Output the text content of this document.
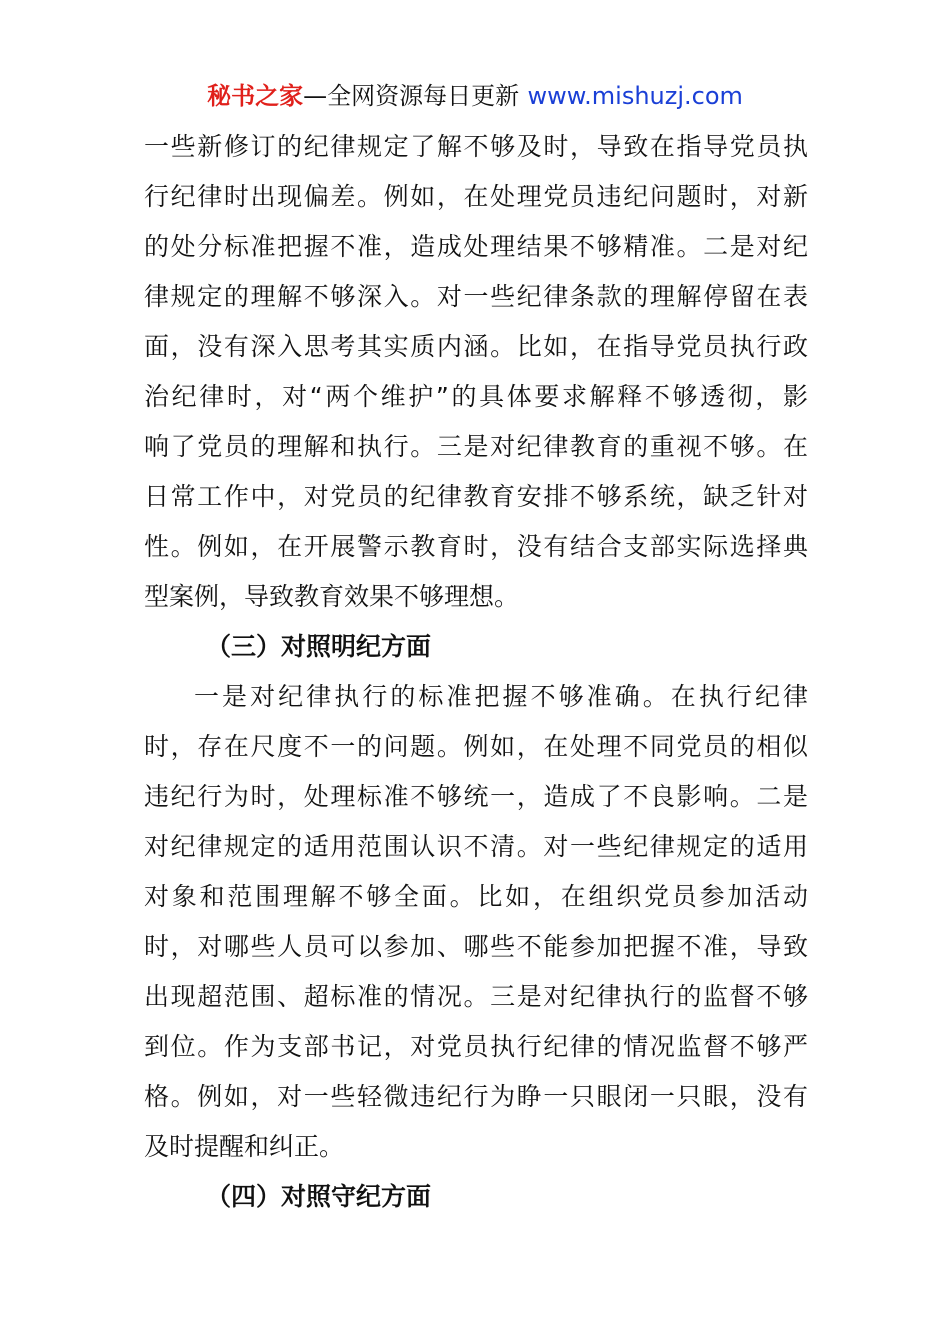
秘书之家—全网资源每日更新 www.mishuzj.com
一些新修订的纪律规定了解不够及时，导致在指导党员执
行纪律时出现偏差。例如，在处理党员违纪问题时，对新
的处分标准把握不准，造成处理结果不够精准。二是对纪
律规定的理解不够深入。对一些纪律条款的理解停留在表
面，没有深入思考其实质内涵。比如，在指导党员执行政
治纪律时，对“两个维护”的具体要求解释不够透彻，影
响了党员的理解和执行。三是对纪律教育的重视不够。在
日常工作中，对党员的纪律教育安排不够系统，缺乏针对
性。例如，在开展警示教育时，没有结合支部实际选择典
型案例，导致教育效果不够理想。
（三）对照明纪方面
一是对纪律执行的标准把握不够准确。在执行纪律
时，存在尺度不一的问题。例如，在处理不同党员的相似
违纪行为时，处理标准不够统一，造成了不良影响。二是
对纪律规定的适用范围认识不清。对一些纪律规定的适用
对象和范围理解不够全面。比如，在组织党员参加活动
时，对哪些人员可以参加、哪些不能参加把握不准，导致
出现超范围、超标准的情况。三是对纪律执行的监督不够
到位。作为支部书记，对党员执行纪律的情况监督不够严
格。例如，对一些轻微违纪行为睁一只眼闭一只眼，没有
及时提醒和纠正。
（四）对照守纪方面
